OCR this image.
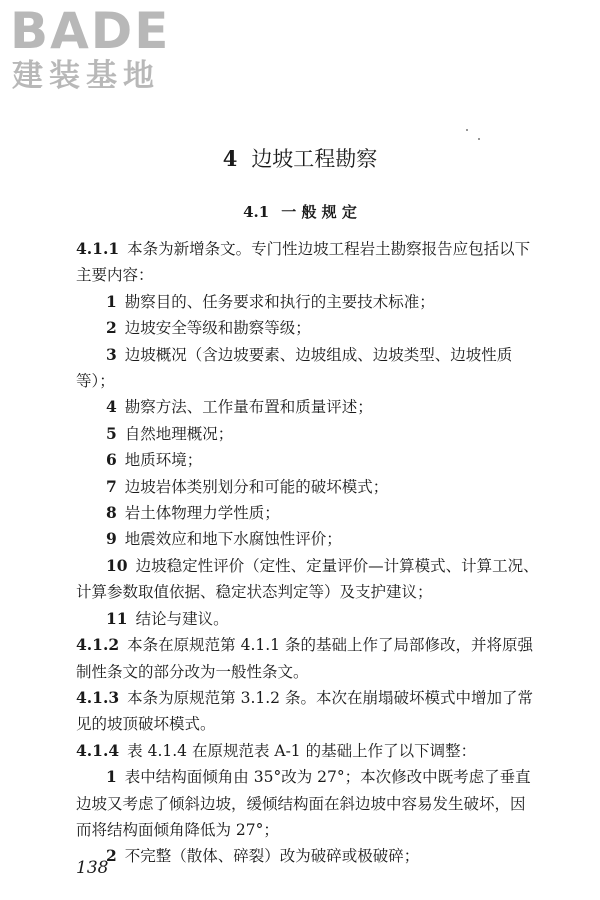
BADE
建装基地
4 边坡工程勘察
4.1 一 般 规 定

4.1.1 本条为新增条文。专门性边坡工程岩土勘察报告应包括以下主要内容：

1 勘察目的、任务要求和执行的主要技术标准；

2 边坡安全等级和勘察等级；

3 边坡概况（含边坡要素、边坡组成、边坡类型、边坡性质等）；

4 勘察方法、工作量布置和质量评述；

5 自然地理概况；

6 地质环境；

7 边坡岩体类别划分和可能的破坏模式；

8 岩土体物理力学性质；

9 地震效应和地下水腐蚀性评价；

10 边坡稳定性评价（定性、定量评价—计算模式、计算工况、计算参数取值依据、稳定状态判定等）及支护建议；

11 结论与建议。

4.1.2 本条在原规范第 4.1.1 条的基础上作了局部修改，并将原强制性条文的部分改为一般性条文。

4.1.3 本条为原规范第 3.1.2 条。本次在崩塌破坏模式中增加了常见的坡顶破坏模式。

4.1.4 表 4.1.4 在原规范表 A-1 的基础上作了以下调整：

1 表中结构面倾角由 35°改为 27°；本次修改中既考虑了垂直边坡又考虑了倾斜边坡，缓倾结构面在斜边坡中容易发生破坏，因而将结构面倾角降低为 27°；

2 不完整（散体、碎裂）改为破碎或极破碎；

138
